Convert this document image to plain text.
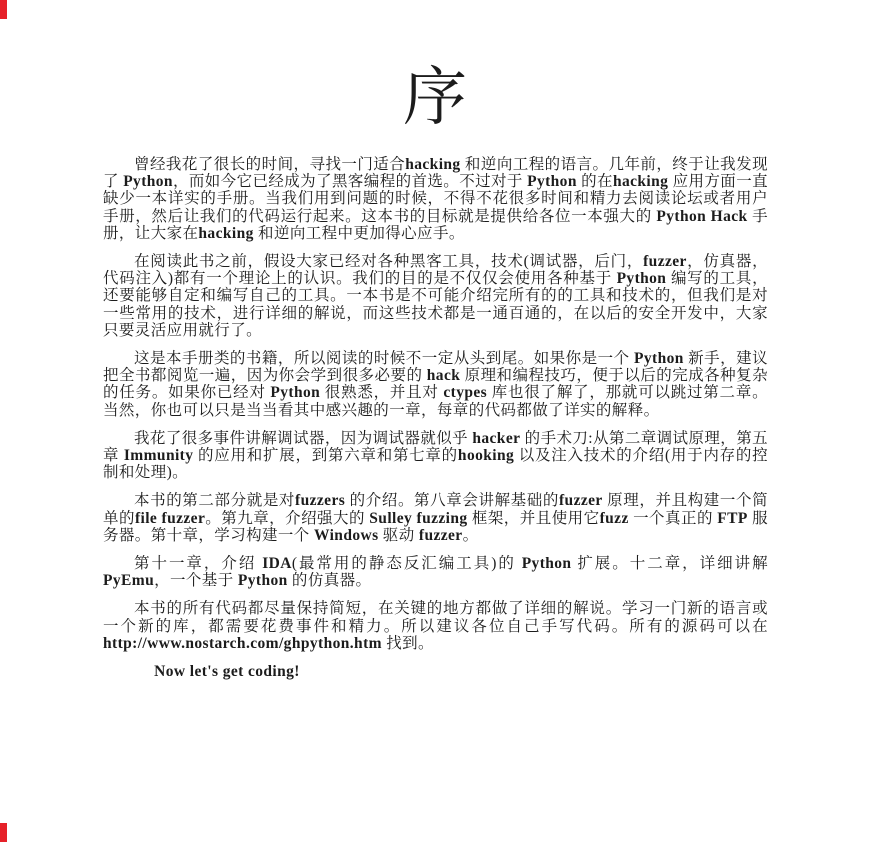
序

曾经我花了很长的时间，寻找一门适合hacking 和逆向工程的语言。几年前，终于让我发现了 Python，而如今它已经成为了黑客编程的首选。不过对于 Python 的在hacking 应用方面一直缺少一本详实的手册。当我们用到问题的时候，不得不花很多时间和精力去阅读论坛或者用户手册，然后让我们的代码运行起来。这本书的目标就是提供给各位一本强大的 Python Hack 手册，让大家在hacking 和逆向工程中更加得心应手。

在阅读此书之前，假设大家已经对各种黑客工具，技术(调试器，后门，fuzzer，仿真器，代码注入)都有一个理论上的认识。我们的目的是不仅仅会使用各种基于 Python 编写的工具，还要能够自定和编写自己的工具。一本书是不可能介绍完所有的的工具和技术的，但我们是对一些常用的技术，进行详细的解说，而这些技术都是一通百通的，在以后的安全开发中，大家只要灵活应用就行了。

这是本手册类的书籍，所以阅读的时候不一定从头到尾。如果你是一个 Python 新手，建议把全书都阅览一遍，因为你会学到很多必要的 hack 原理和编程技巧，便于以后的完成各种复杂的任务。如果你已经对 Python 很熟悉，并且对 ctypes 库也很了解了，那就可以跳过第二章。当然，你也可以只是当当看其中感兴趣的一章，每章的代码都做了详实的解释。

我花了很多事件讲解调试器，因为调试器就似乎 hacker 的手术刀:从第二章调试原理，第五章 Immunity 的应用和扩展，到第六章和第七章的hooking 以及注入技术的介绍(用于内存的控制和处理)。

本书的第二部分就是对fuzzers 的介绍。第八章会讲解基础的fuzzer 原理，并且构建一个简单的file fuzzer。第九章，介绍强大的 Sulley fuzzing 框架，并且使用它fuzz 一个真正的 FTP 服务器。第十章，学习构建一个 Windows 驱动 fuzzer。

第十一章，介绍 IDA(最常用的静态反汇编工具)的 Python 扩展。十二章，详细讲解 PyEmu，一个基于 Python 的仿真器。

本书的所有代码都尽量保持简短，在关键的地方都做了详细的解说。学习一门新的语言或一个新的库，都需要花费事件和精力。所以建议各位自己手写代码。所有的源码可以在 http://www.nostarch.com/ghpython.htm 找到。

Now let's get coding!
